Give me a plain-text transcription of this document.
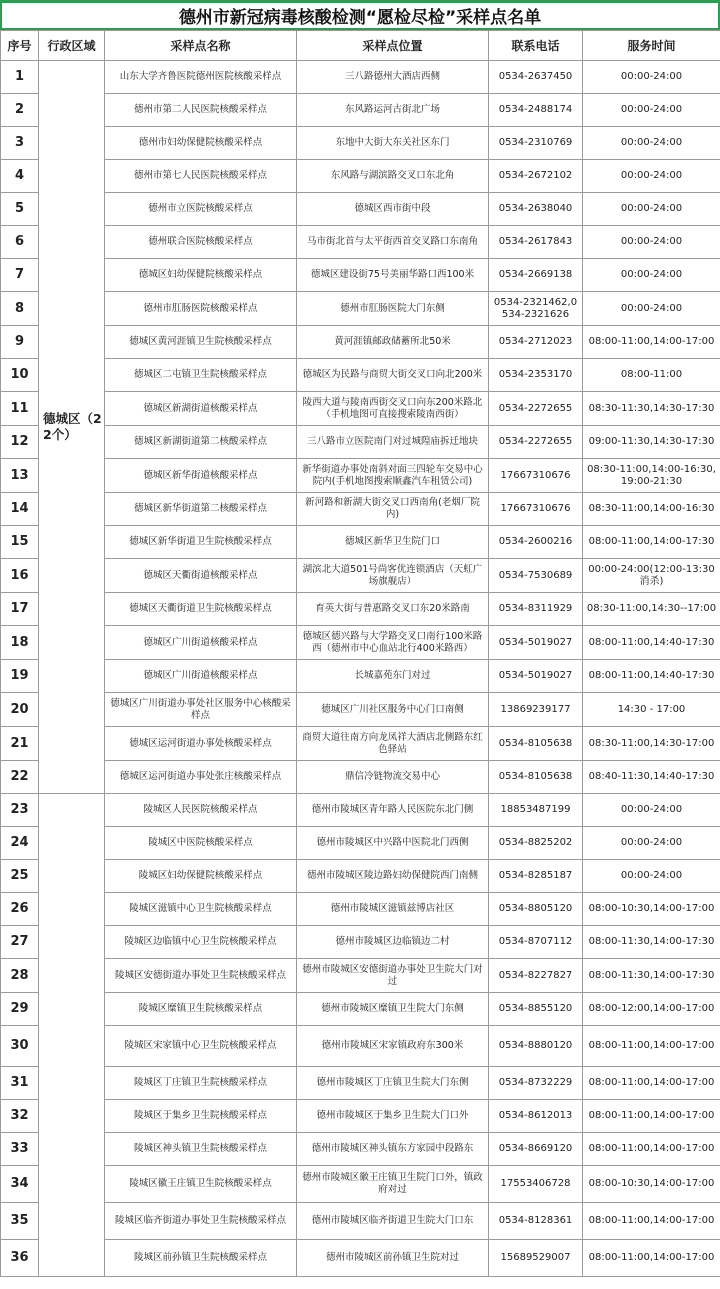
德州市新冠病毒核酸检测“愿检尽检”采样点名单
序号	行政区域	采样点名称	采样点位置	联系电话	服务时间
1	德城区（22个）	山东大学齐鲁医院德州医院核酸采样点	三八路德州大酒店西侧	0534-2637450	00:00-24:00
2		德州市第二人民医院核酸采样点	东风路运河古街北广场	0534-2488174	00:00-24:00
3		德州市妇幼保健院核酸采样点	东地中大街大东关社区东门	0534-2310769	00:00-24:00
4		德州市第七人民医院核酸采样点	东风路与湖滨路交叉口东北角	0534-2672102	00:00-24:00
5		德州市立医院核酸采样点	德城区西市街中段	0534-2638040	00:00-24:00
6		德州联合医院核酸采样点	马市街北首与太平街西首交叉路口东南角	0534-2617843	00:00-24:00
7		德城区妇幼保健院核酸采样点	德城区建设街75号美丽华路口西100米	0534-2669138	00:00-24:00
8		德州市肛肠医院核酸采样点	德州市肛肠医院大门东侧	0534-2321462,0534-2321626	00:00-24:00
9		德城区黄河涯镇卫生院核酸采样点	黄河涯镇邮政储蓄所北50米	0534-2712023	08:00-11:00,14:00-17:00
10		德城区二屯镇卫生院核酸采样点	德城区为民路与商贸大街交叉口向北200米	0534-2353170	08:00-11:00
11		德城区新湖街道核酸采样点	陵西大道与陵南西街交叉口向东200米路北（手机地图可直接搜索陵南西街）	0534-2272655	08:30-11:30,14:30-17:30
12		德城区新湖街道第二核酸采样点	三八路市立医院南门对过城隍庙拆迁地块	0534-2272655	09:00-11:30,14:30-17:30
13		德城区新华街道核酸采样点	新华街道办事处南斜对面三四轮车交易中心院内(手机地图搜索顺鑫汽车租赁公司)	17667310676	08:30-11:00,14:00-16:30,19:00-21:30
14		德城区新华街道第二核酸采样点	新河路和新湖大街交叉口西南角(老烟厂院内)	17667310676	08:30-11:00,14:00-16:30
15		德城区新华街道卫生院核酸采样点	德城区新华卫生院门口	0534-2600216	08:00-11:00,14:00-17:30
16		德城区天衢街道核酸采样点	湖滨北大道501号尚客优连锁酒店（天虹广场旗舰店）	0534-7530689	00:00-24:00(12:00-13:30消杀)
17		德城区天衢街道卫生院核酸采样点	育英大街与普惠路交叉口东20米路南	0534-8311929	08:30-11:00,14:30--17:00
18		德城区广川街道核酸采样点	德城区德兴路与大学路交叉口南行100米路西（德州市中心血站北行400米路西）	0534-5019027	08:00-11:00,14:40-17:30
19		德城区广川街道核酸采样点	长城嘉苑东门对过	0534-5019027	08:00-11:00,14:40-17:30
20		德城区广川街道办事处社区服务中心核酸采样点	德城区广川社区服务中心门口南侧	13869239177	14:30 - 17:00
21		德城区运河街道办事处核酸采样点	商贸大道往南方向龙凤祥大酒店北侧路东红色驿站	0534-8105638	08:30-11:00,14:30-17:00
22		德城区运河街道办事处张庄核酸采样点	鼎信冷链物流交易中心	0534-8105638	08:40-11:30,14:40-17:30
23		陵城区人民医院核酸采样点	德州市陵城区青年路人民医院东北门侧	18853487199	00:00-24:00
24		陵城区中医院核酸采样点	德州市陵城区中兴路中医院北门西侧	0534-8825202	00:00-24:00
25		陵城区妇幼保健院核酸采样点	德州市陵城区陵边路妇幼保健院西门南侧	0534-8285187	00:00-24:00
26		陵城区滋镇中心卫生院核酸采样点	德州市陵城区滋镇兹博店社区	0534-8805120	08:00-10:30,14:00-17:00
27		陵城区边临镇中心卫生院核酸采样点	德州市陵城区边临镇边二村	0534-8707112	08:00-11:30,14:00-17:30
28		陵城区安德街道办事处卫生院核酸采样点	德州市陵城区安德街道办事处卫生院大门对过	0534-8227827	08:00-11:30,14:00-17:30
29		陵城区糜镇卫生院核酸采样点	德州市陵城区糜镇卫生院大门东侧	0534-8855120	08:00-12:00,14:00-17:00
30		陵城区宋家镇中心卫生院核酸采样点	德州市陵城区宋家镇政府东300米	0534-8880120	08:00-11:00,14:00-17:00
31		陵城区丁庄镇卫生院核酸采样点	德州市陵城区丁庄镇卫生院大门东侧	0534-8732229	08:00-11:00,14:00-17:00
32		陵城区于集乡卫生院核酸采样点	德州市陵城区于集乡卫生院大门口外	0534-8612013	08:00-11:00,14:00-17:00
33		陵城区神头镇卫生院核酸采样点	德州市陵城区神头镇东方家园中段路东	0534-8669120	08:00-11:00,14:00-17:00
34		陵城区徽王庄镇卫生院核酸采样点	德州市陵城区徽王庄镇卫生院门口外，镇政府对过	17553406728	08:00-10:30,14:00-17:00
35		陵城区临齐街道办事处卫生院核酸采样点	德州市陵城区临齐街道卫生院大门口东	0534-8128361	08:00-11:00,14:00-17:00
36		陵城区前孙镇卫生院核酸采样点	德州市陵城区前孙镇卫生院对过	15689529007	08:00-11:00,14:00-17:00
